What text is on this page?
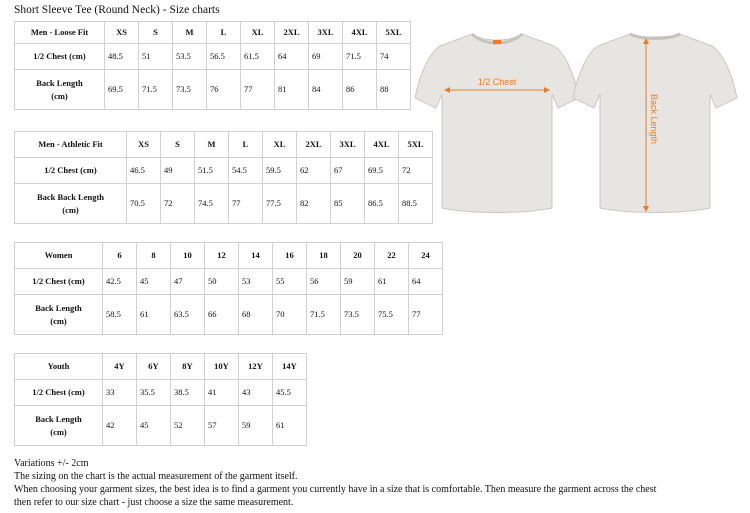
Short Sleeve Tee (Round Neck) - Size charts
Men - Loose Fit	XS	S	M	L	XL	2XL	3XL	4XL	5XL
1/2 Chest (cm)	48.5	51	53.5	56.5	61.5	64	69	71.5	74
Back Length
(cm)	69.5	71.5	73.5	76	77	81	84	86	88
Men - Athletic Fit	XS	S	M	L	XL	2XL	3XL	4XL	5XL
1/2 Chest (cm)	46.5	49	51.5	54.5	59.5	62	67	69.5	72
Back Back Length
(cm)	70.5	72	74.5	77	77.5	82	85	86.5	88.5
Women	6	8	10	12	14	16	18	20	22	24
1/2 Chest (cm)	42.5	45	47	50	53	55	56	59	61	64
Back Length
(cm)	58.5	61	63.5	66	68	70	71.5	73.5	75.5	77
Youth	4Y	6Y	8Y	10Y	12Y	14Y
1/2 Chest (cm)	33	35.5	38.5	41	43	45.5
Back Length
(cm)	42	45	52	57	59	61
1/2 Chest
Back Length
Variations +/- 2cm
The sizing on the chart is the actual measurement of the garment itself.
When choosing your garment sizes, the best idea is to find a garment you currently have in a size that is comfortable. Then measure the garment across the chest
then refer to our size chart - just choose a size the same measurement.
